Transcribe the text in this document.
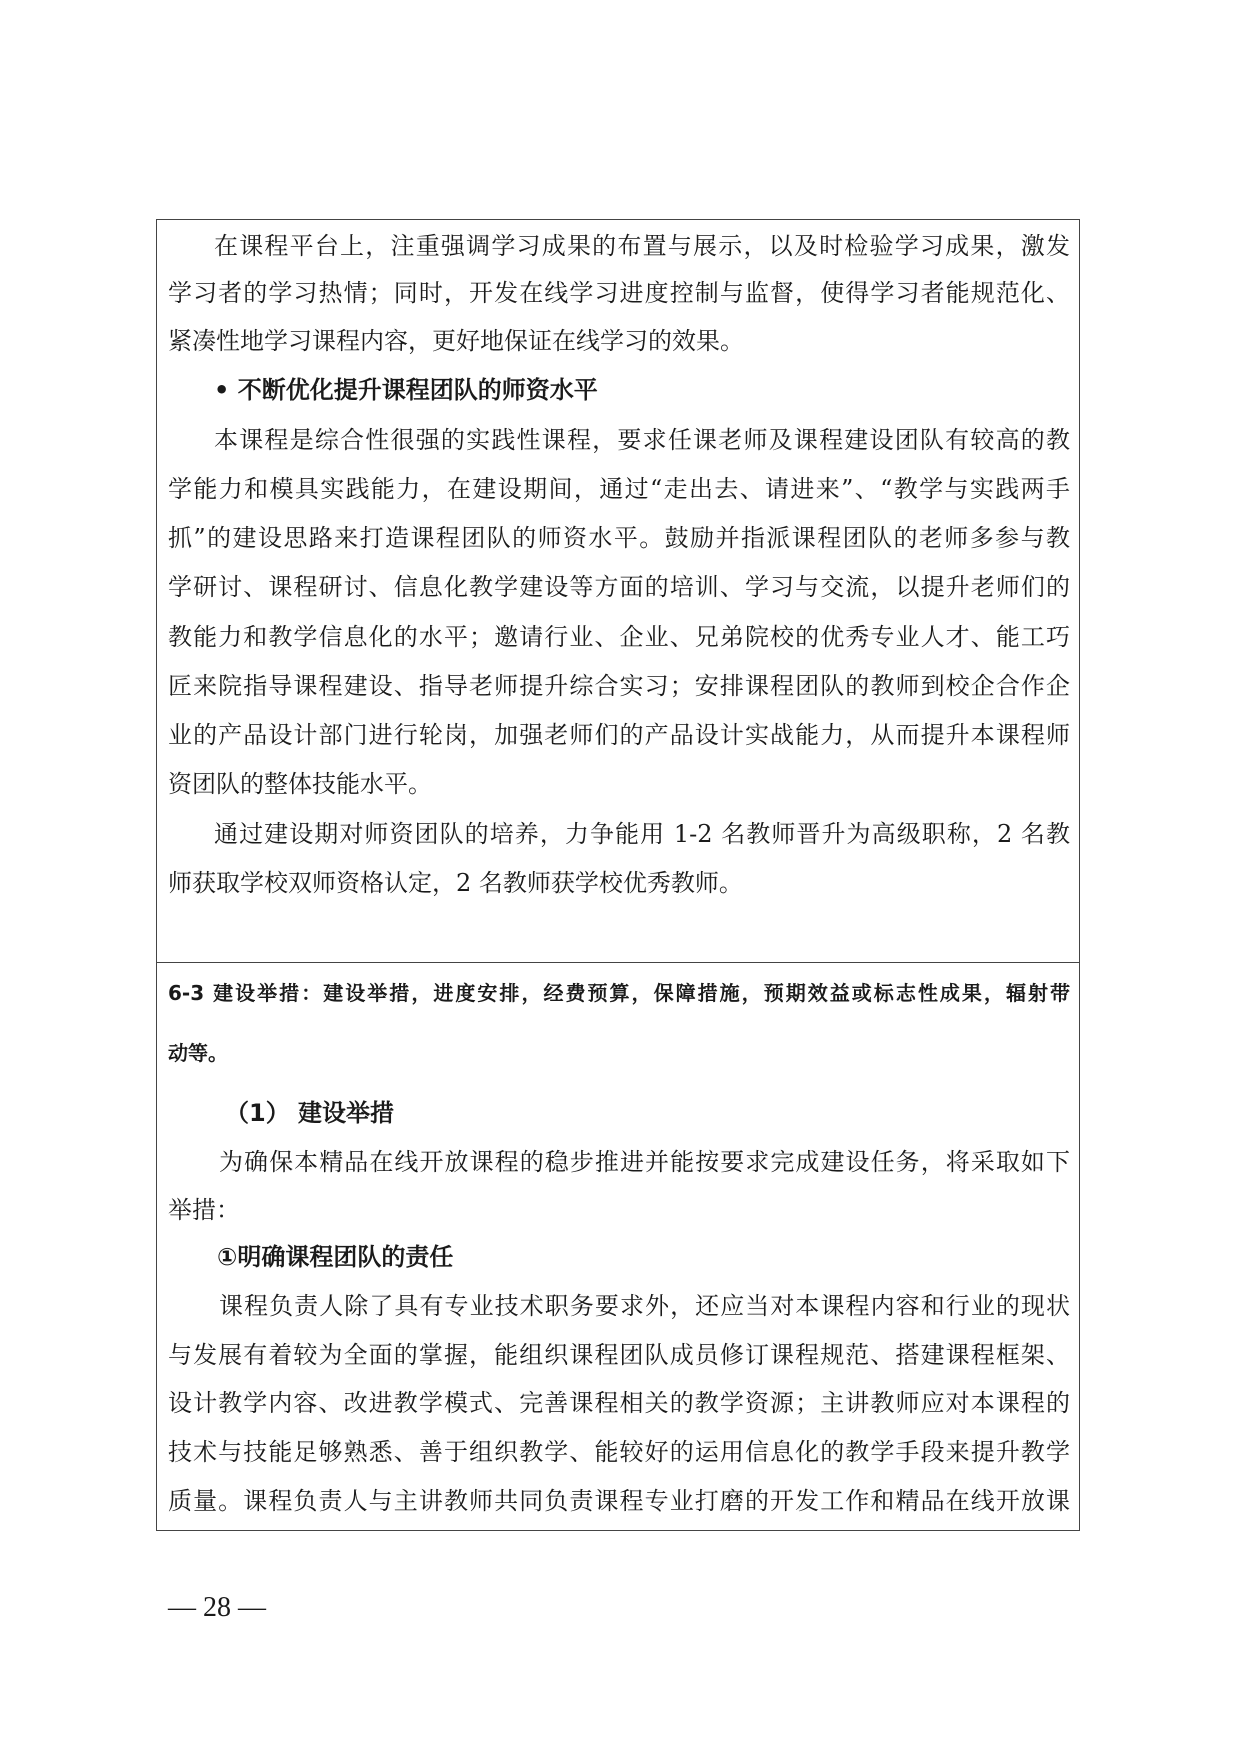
在课程平台上，注重强调学习成果的布置与展示，以及时检验学习成果，激发
学习者的学习热情；同时，开发在线学习进度控制与监督，使得学习者能规范化、
紧凑性地学习课程内容，更好地保证在线学习的效果。
• 不断优化提升课程团队的师资水平
本课程是综合性很强的实践性课程，要求任课老师及课程建设团队有较高的教
学能力和模具实践能力，在建设期间，通过“走出去、请进来”、“教学与实践两手
抓”的建设思路来打造课程团队的师资水平。鼓励并指派课程团队的老师多参与教
学研讨、课程研讨、信息化教学建设等方面的培训、学习与交流，以提升老师们的
教能力和教学信息化的水平；邀请行业、企业、兄弟院校的优秀专业人才、能工巧
匠来院指导课程建设、指导老师提升综合实习；安排课程团队的教师到校企合作企
业的产品设计部门进行轮岗，加强老师们的产品设计实战能力，从而提升本课程师
资团队的整体技能水平。
通过建设期对师资团队的培养，力争能用 1-2 名教师晋升为高级职称，2 名教
师获取学校双师资格认定，2 名教师获学校优秀教师。
6-3 建设举措：建设举措，进度安排，经费预算，保障措施，预期效益或标志性成果，辐射带
动等。
（1） 建设举措
为确保本精品在线开放课程的稳步推进并能按要求完成建设任务，将采取如下
举措：
①明确课程团队的责任
课程负责人除了具有专业技术职务要求外，还应当对本课程内容和行业的现状
与发展有着较为全面的掌握，能组织课程团队成员修订课程规范、搭建课程框架、
设计教学内容、改进教学模式、完善课程相关的教学资源；主讲教师应对本课程的
技术与技能足够熟悉、善于组织教学、能较好的运用信息化的教学手段来提升教学
质量。课程负责人与主讲教师共同负责课程专业打磨的开发工作和精品在线开放课
— 28 —
